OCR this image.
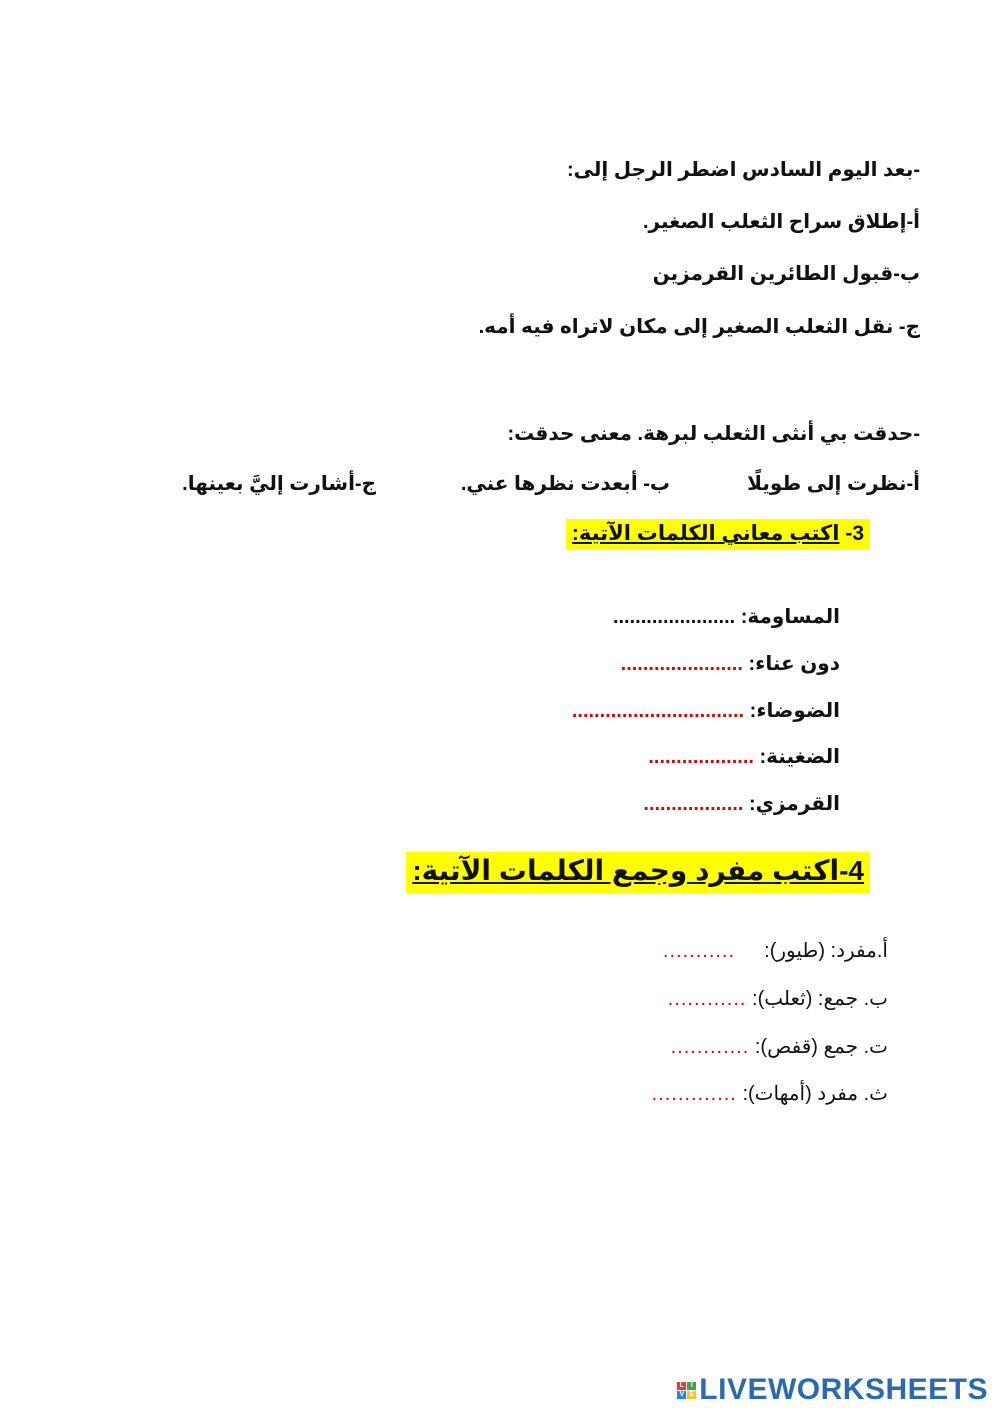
-بعد اليوم السادس اضطر الرجل إلى:
أ-إطلاق سراح الثعلب الصغير.
ب-قبول الطائرين القرمزين
ج- نقل الثعلب الصغير إلى مكان لاتراه فيه أمه.
-حدقت بي أنثى الثعلب لبرهة. معنى حدقت:
أ-نظرت إلى طويلًا
ب- أبعدت نظرها عني.
ج-أشارت إليَّ بعينها.
3- اكتب معاني الكلمات الآتية:
المساومة: ......................
دون عناء: ......................
الضوضاء: ...............................
الضغينة: ...................
القرمزي: ..................
4-اكتب مفرد وجمع الكلمات الآتية:
أ.مفرد: (طيور):  ...........
ب. جمع: (ثعلب): ............
ت. جمع (قفص): ............
ث. مفرد (أمهات): .............
L I
V E LIVEWORKSHEETS
